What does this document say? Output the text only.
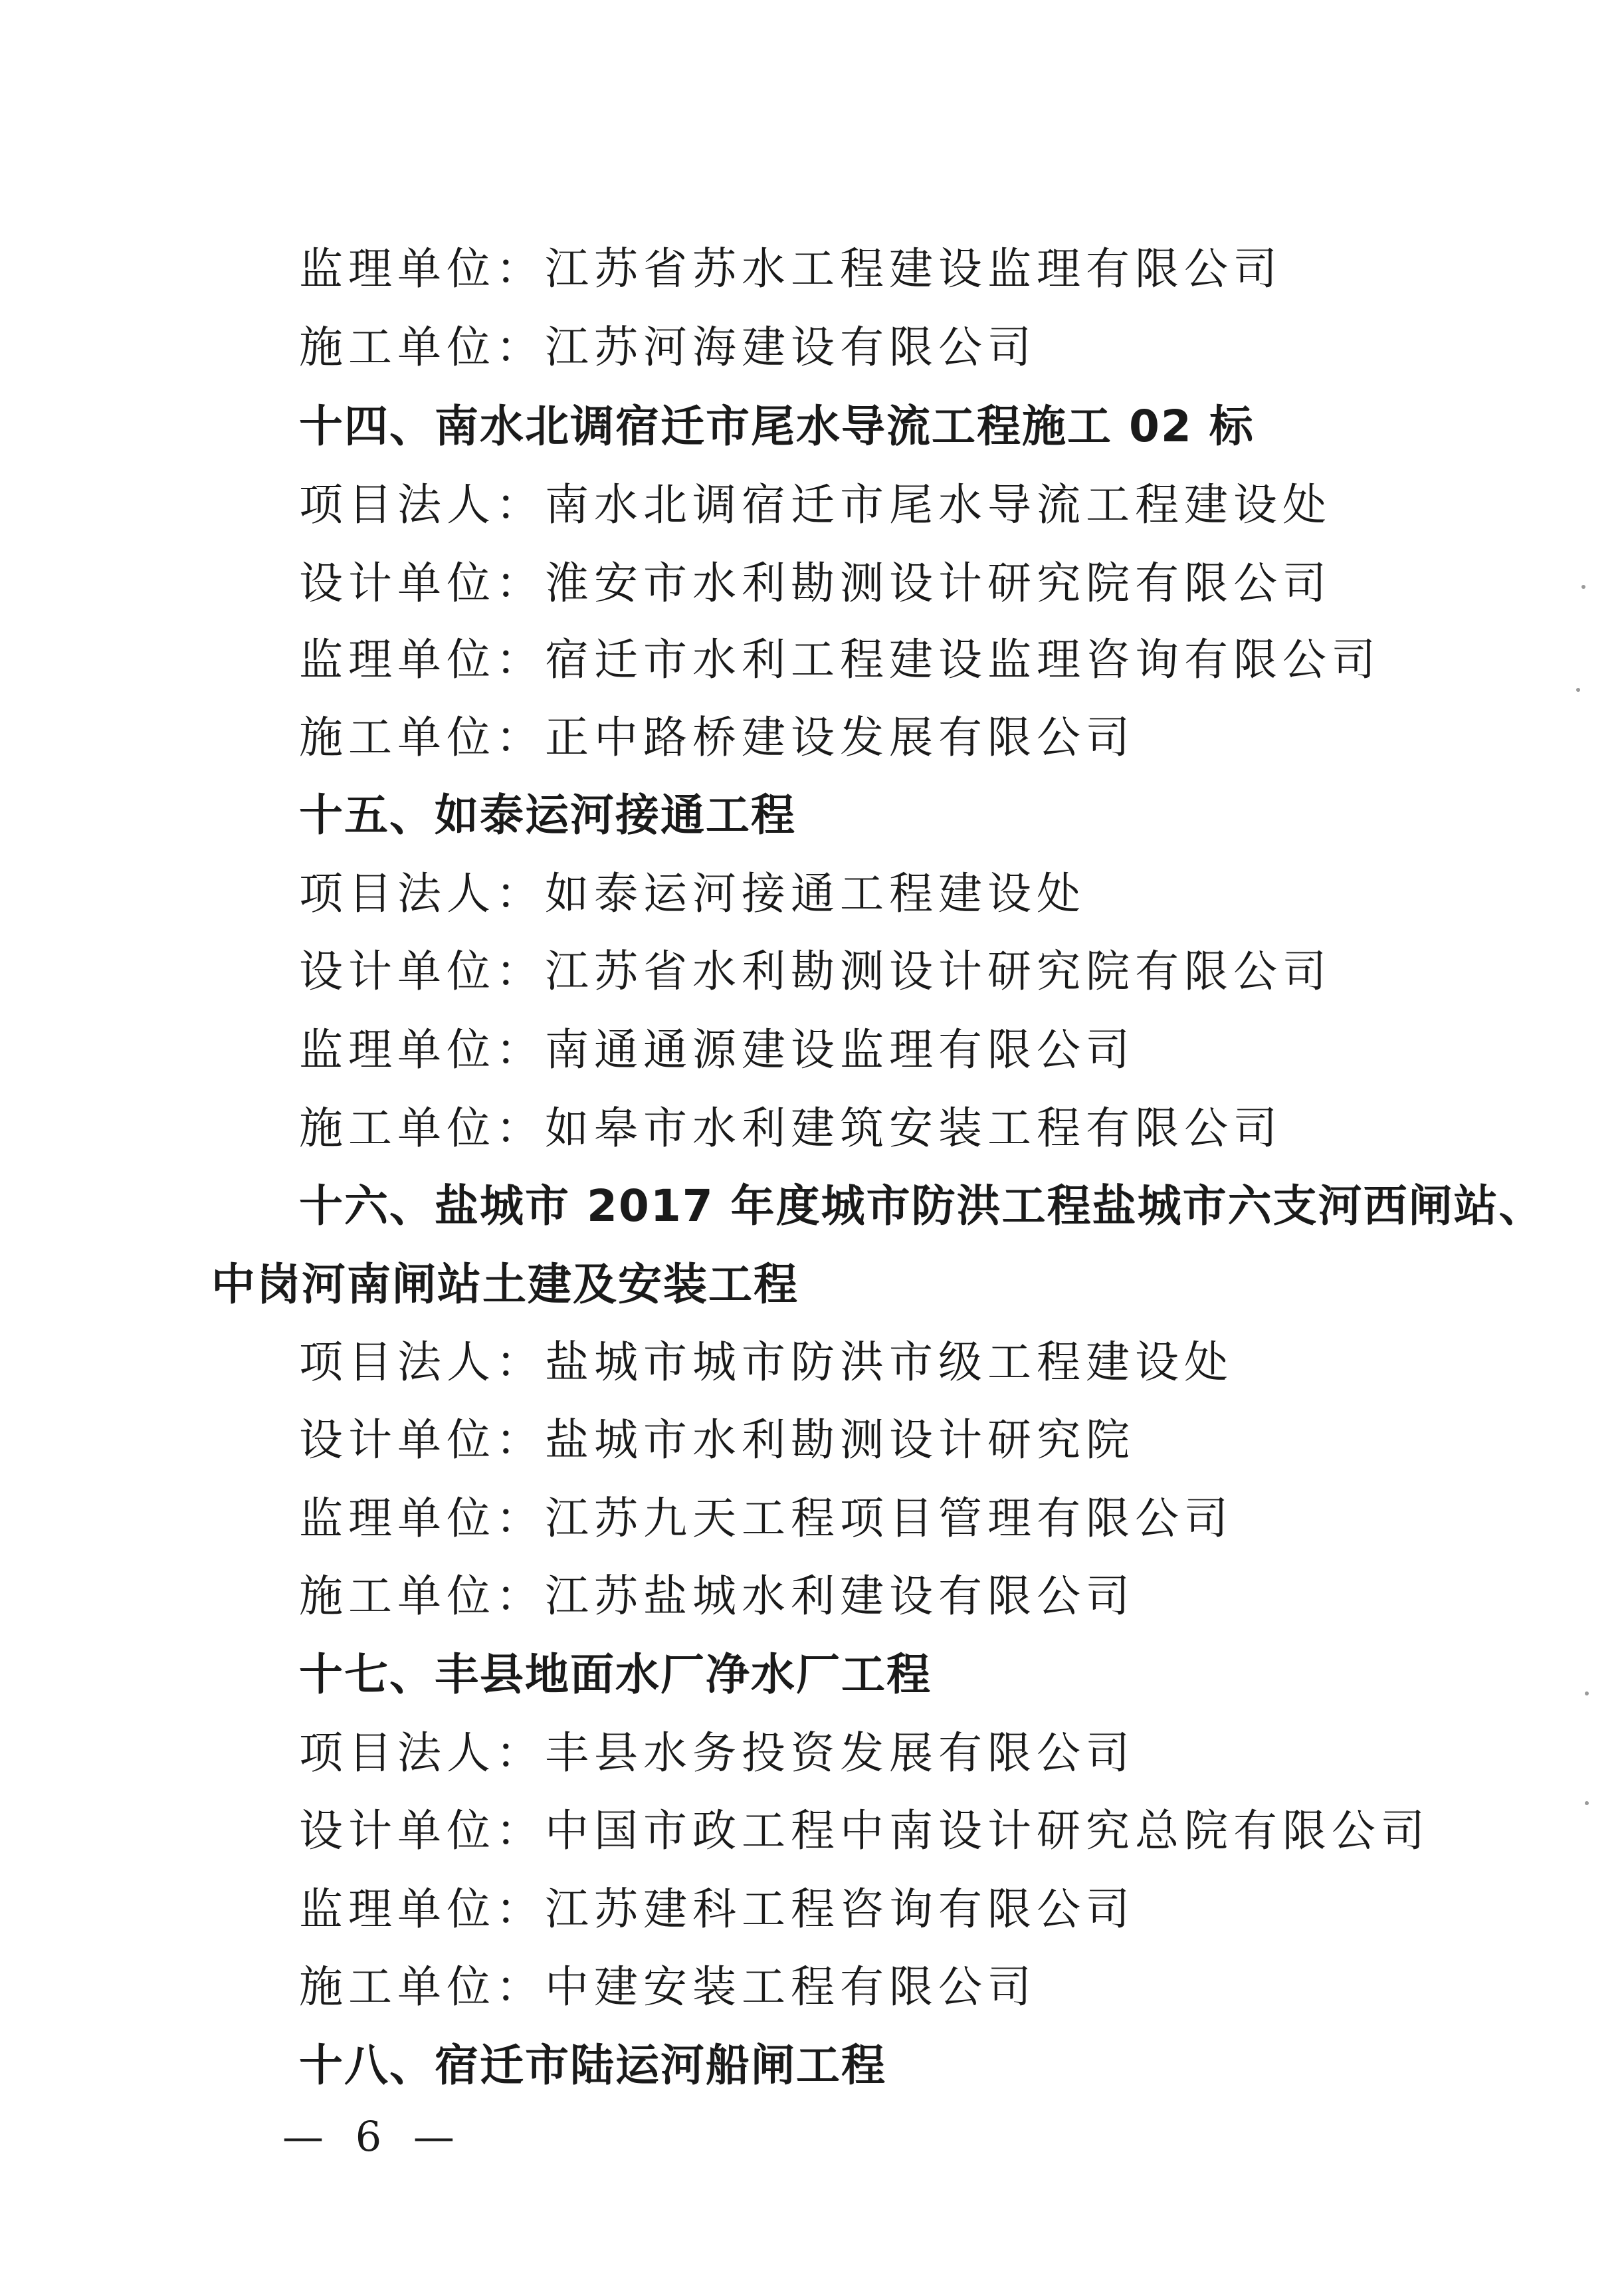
监理单位：江苏省苏水工程建设监理有限公司
施工单位：江苏河海建设有限公司
十四、南水北调宿迁市尾水导流工程施工 02 标
项目法人：南水北调宿迁市尾水导流工程建设处
设计单位：淮安市水利勘测设计研究院有限公司
监理单位：宿迁市水利工程建设监理咨询有限公司
施工单位：正中路桥建设发展有限公司
十五、如泰运河接通工程
项目法人：如泰运河接通工程建设处
设计单位：江苏省水利勘测设计研究院有限公司
监理单位：南通通源建设监理有限公司
施工单位：如皋市水利建筑安装工程有限公司
十六、盐城市 2017 年度城市防洪工程盐城市六支河西闸站、
中岗河南闸站土建及安装工程
项目法人：盐城市城市防洪市级工程建设处
设计单位：盐城市水利勘测设计研究院
监理单位：江苏九天工程项目管理有限公司
施工单位：江苏盐城水利建设有限公司
十七、丰县地面水厂净水厂工程
项目法人：丰县水务投资发展有限公司
设计单位：中国市政工程中南设计研究总院有限公司
监理单位：江苏建科工程咨询有限公司
施工单位：中建安装工程有限公司
十八、宿迁市陆运河船闸工程
— 6 —
